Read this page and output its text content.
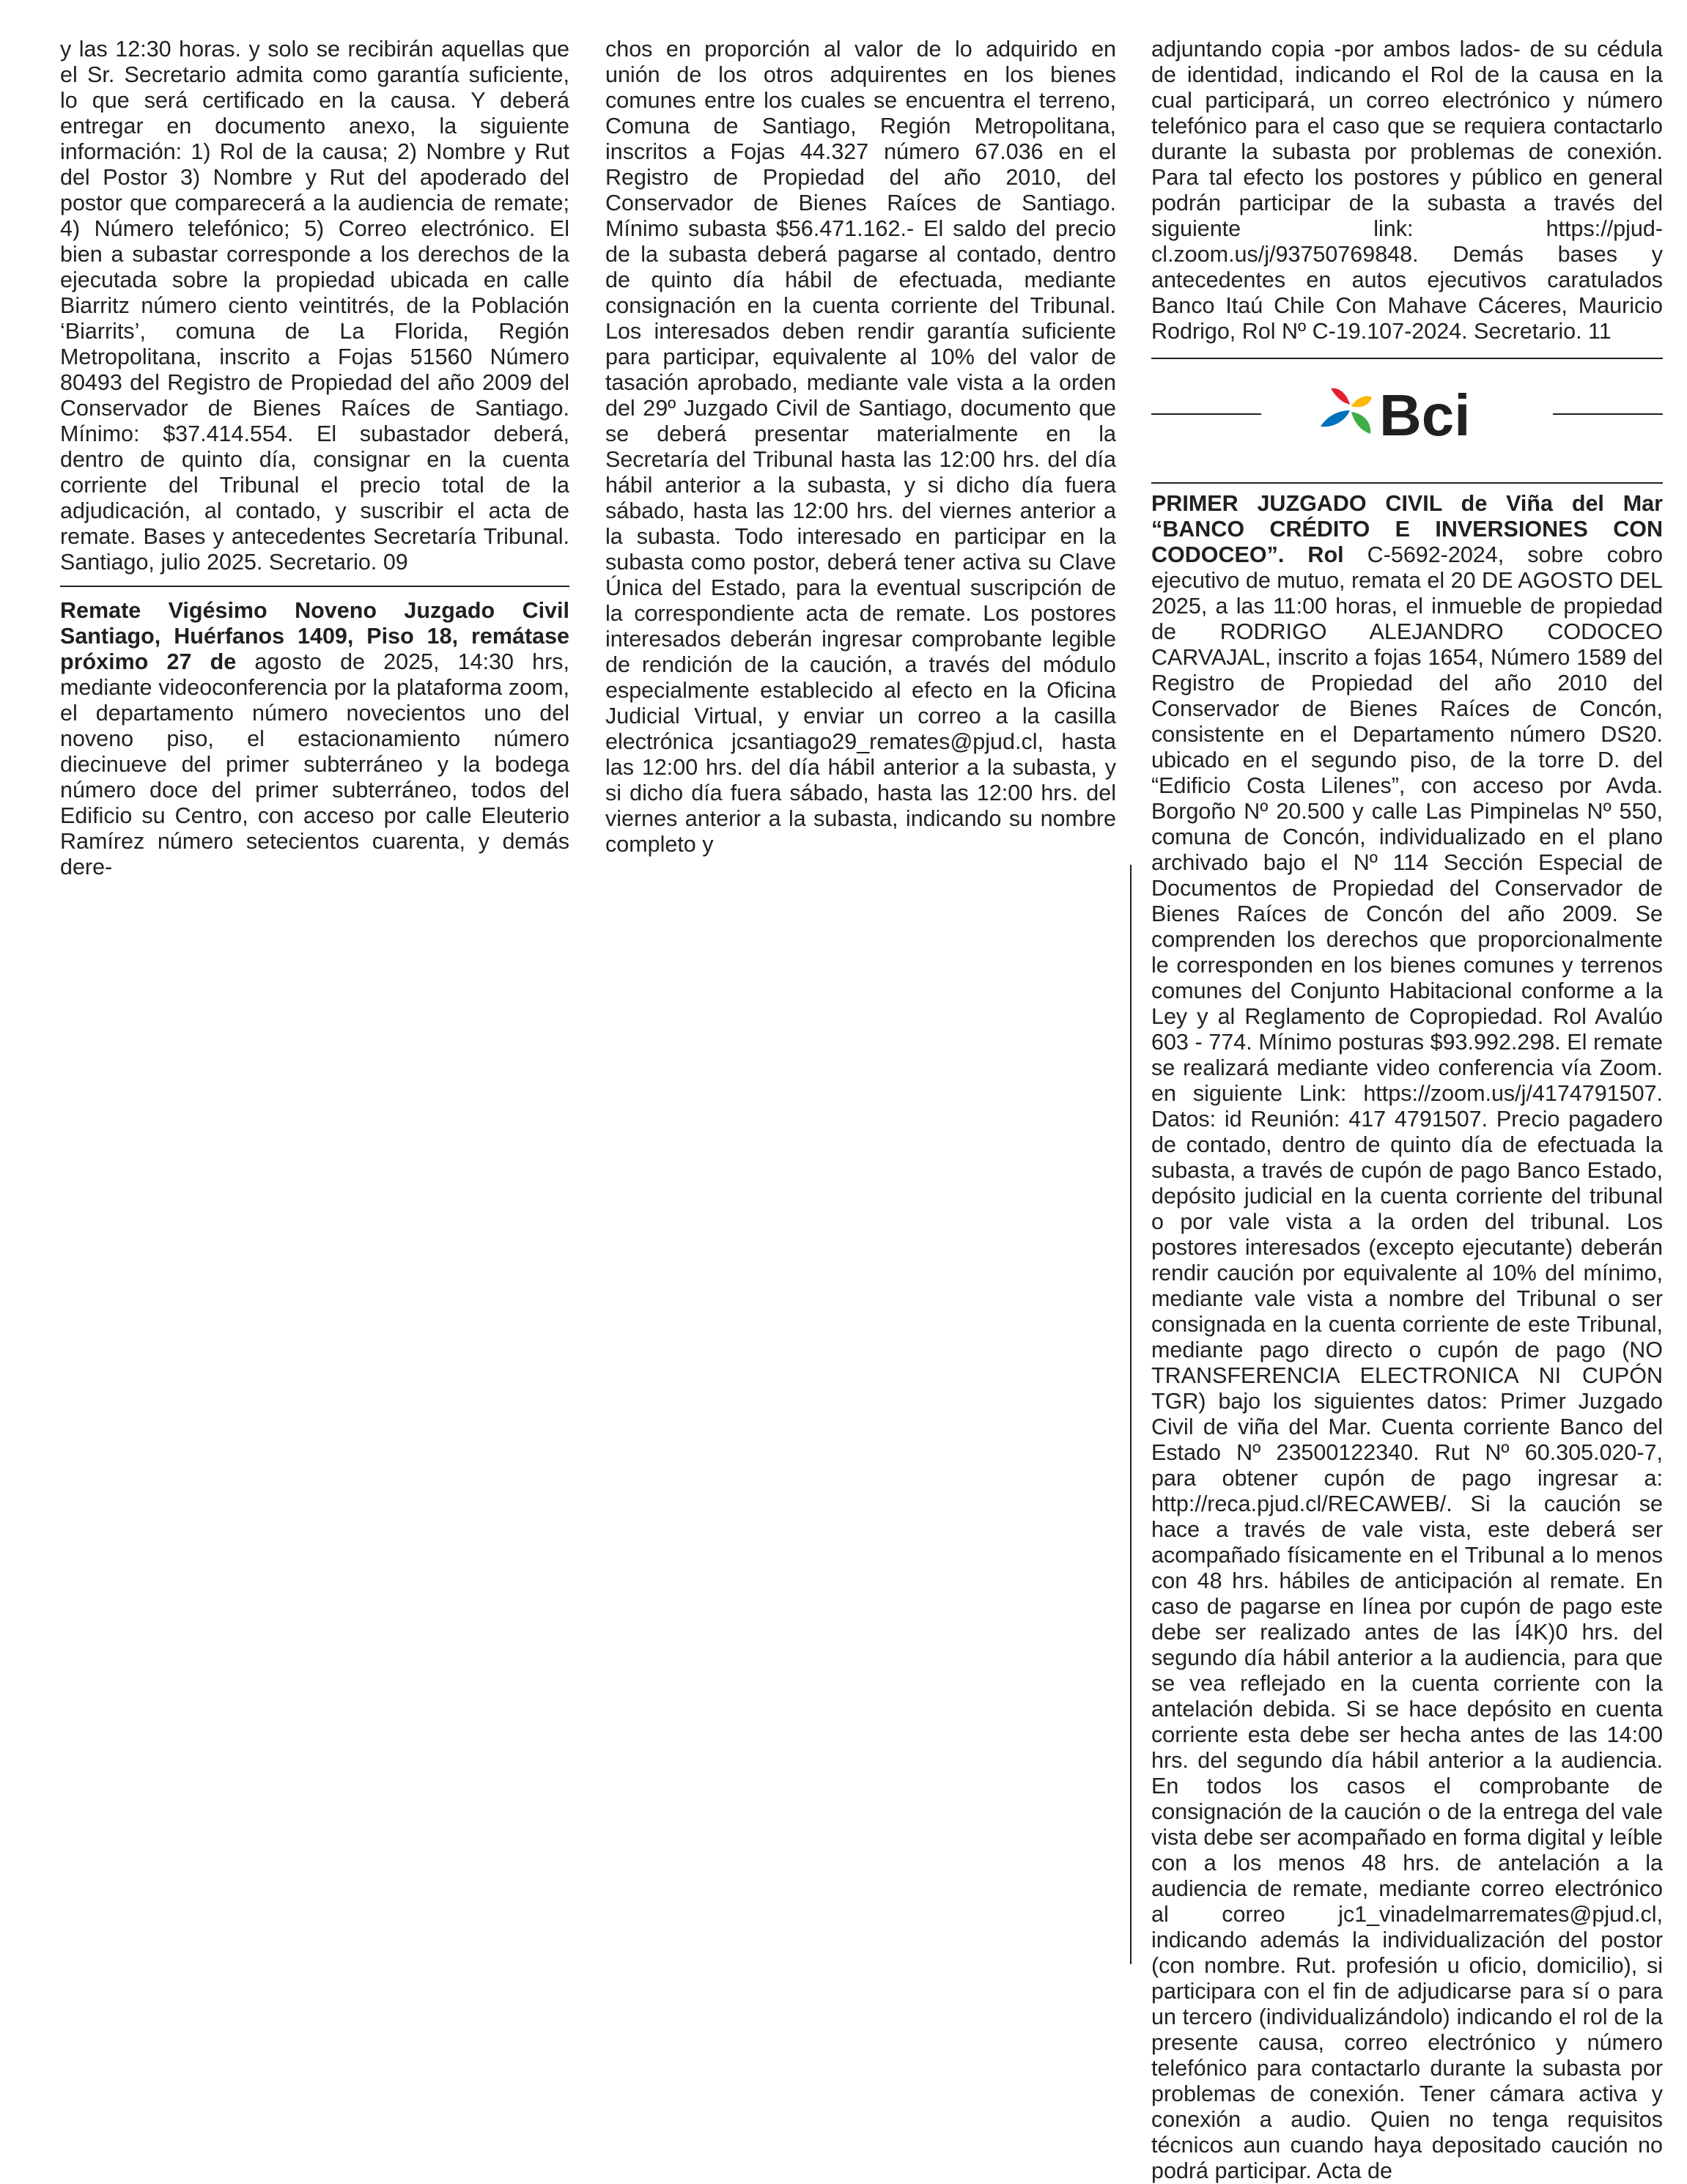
y las 12:30 horas. y solo se recibirán aquellas que el Sr. Secretario admita como garantía suficiente, lo que será certificado en la causa. Y deberá entregar en documento anexo, la siguiente información: 1) Rol de la causa; 2) Nombre y Rut del Postor 3) Nombre y Rut del apoderado del postor que comparecerá a la audiencia de remate; 4) Número telefónico; 5) Correo electrónico. El bien a subastar corresponde a los derechos de la ejecutada sobre la propiedad ubicada en calle Biarritz número ciento veintitrés, de la Población ‘Biarrits’, comuna de La Florida, Región Metropolitana, inscrito a Fojas 51560 Número 80493 del Registro de Propiedad del año 2009 del Conservador de Bienes Raíces de Santiago. Mínimo: $37.414.554. El subastador deberá, dentro de quinto día, consignar en la cuenta corriente del Tribunal el precio total de la adjudicación, al contado, y suscribir el acta de remate. Bases y antecedentes Secretaría Tribunal. Santiago, julio 2025. Secretario. 09

Remate Vigésimo Noveno Juzgado Civil Santiago, Huérfanos 1409, Piso 18, remátase próximo 27 de agosto de 2025, 14:30 hrs, mediante videoconferencia por la plataforma zoom, el departamento número novecientos uno del noveno piso, el estacionamiento número diecinueve del primer subterráneo y la bodega número doce del primer subterráneo, todos del Edificio su Centro, con acceso por calle Eleuterio Ramírez número setecientos cuarenta, y demás dere-

chos en proporción al valor de lo adquirido en unión de los otros adquirentes en los bienes comunes entre los cuales se encuentra el terreno, Comuna de Santiago, Región Metropolitana, inscritos a Fojas 44.327 número 67.036 en el Registro de Propiedad del año 2010, del Conservador de Bienes Raíces de Santiago. Mínimo subasta $56.471.162.- El saldo del precio de la subasta deberá pagarse al contado, dentro de quinto día hábil de efectuada, mediante consignación en la cuenta corriente del Tribunal. Los interesados deben rendir garantía suficiente para participar, equivalente al 10% del valor de tasación aprobado, mediante vale vista a la orden del 29º Juzgado Civil de Santiago, documento que se deberá presentar materialmente en la Secretaría del Tribunal hasta las 12:00 hrs. del día hábil anterior a la subasta, y si dicho día fuera sábado, hasta las 12:00 hrs. del viernes anterior a la subasta. Todo interesado en participar en la subasta como postor, deberá tener activa su Clave Única del Estado, para la eventual suscripción de la correspondiente acta de remate. Los postores interesados deberán ingresar comprobante legible de rendición de la caución, a través del módulo especialmente establecido al efecto en la Oficina Judicial Virtual, y enviar un correo a la casilla electrónica jcsantiago29_remates@pjud.cl, hasta las 12:00 hrs. del día hábil anterior a la subasta, y si dicho día fuera sábado, hasta las 12:00 hrs. del viernes anterior a la subasta, indicando su nombre completo y

adjuntando copia -por ambos lados- de su cédula de identidad, indicando el Rol de la causa en la cual participará, un correo electrónico y número telefónico para el caso que se requiera contactarlo durante la subasta por problemas de conexión. Para tal efecto los postores y público en general podrán participar de la subasta a través del siguiente link: https://pjud-cl.zoom.us/j/93750769848. Demás bases y antecedentes en autos ejecutivos caratulados Banco Itaú Chile Con Mahave Cáceres, Mauricio Rodrigo, Rol Nº C-19.107-2024. Secretario. 11

Bci

PRIMER JUZGADO CIVIL de Viña del Mar “BANCO CRÉDITO E INVERSIONES CON CODOCEO”. Rol C-5692-2024, sobre cobro ejecutivo de mutuo, remata el 20 DE AGOSTO DEL 2025, a las 11:00 horas, el inmueble de propiedad de RODRIGO ALEJANDRO CODOCEO CARVAJAL, inscrito a fojas 1654, Número 1589 del Registro de Propiedad del año 2010 del Conservador de Bienes Raíces de Concón, consistente en el Departamento número DS20. ubicado en el segundo piso, de la torre D. del “Edificio Costa Lilenes”, con acceso por Avda. Borgoño Nº 20.500 y calle Las Pimpinelas Nº 550, comuna de Concón, individualizado en el plano archivado bajo el Nº 114 Sección Especial de Documentos de Propiedad del Conservador de Bienes Raíces de Concón del año 2009. Se comprenden los derechos que proporcionalmente le corresponden en los bienes comunes y terrenos comunes del Conjunto Habitacional conforme a la Ley y al Reglamento de Copropiedad. Rol Avalúo 603 - 774. Mínimo posturas $93.992.298. El remate se realizará mediante video conferencia vía Zoom. en siguiente Link: https://zoom.us/j/4174791507. Datos: id Reunión: 417 4791507. Precio pagadero de contado, dentro de quinto día de efectuada la subasta, a través de cupón de pago Banco Estado, depósito judicial en la cuenta corriente del tribunal o por vale vista a la orden del tribunal. Los postores interesados (excepto ejecutante) deberán rendir caución por equivalente al 10% del mínimo, mediante vale vista a nombre del Tribunal o ser consignada en la cuenta corriente de este Tribunal, mediante pago directo o cupón de pago (NO TRANSFERENCIA ELECTRONICA NI CUPÓN TGR) bajo los siguientes datos: Primer Juzgado Civil de viña del Mar. Cuenta corriente Banco del Estado Nº 23500122340. Rut Nº 60.305.020-7, para obtener cupón de pago ingresar a: http://reca.pjud.cl/RECAWEB/. Si la caución se hace a través de vale vista, este deberá ser acompañado físicamente en el Tribunal a lo menos con 48 hrs. hábiles de anticipación al remate. En caso de pagarse en línea por cupón de pago este debe ser realizado antes de las Í4K)0 hrs. del segundo día hábil anterior a la audiencia, para que se vea reflejado en la cuenta corriente con la antelación debida. Si se hace depósito en cuenta corriente esta debe ser hecha antes de las 14:00 hrs. del segundo día hábil anterior a la audiencia. En todos los casos el comprobante de consignación de la caución o de la entrega del vale vista debe ser acompañado en forma digital y leíble con a los menos 48 hrs. de antelación a la audiencia de remate, mediante correo electrónico al correo jc1_vinadelmarremates@pjud.cl, indicando además la individualización del postor (con nombre. Rut. profesión u oficio, domicilio), si participara con el fin de adjudicarse para sí o para un tercero (individualizándolo) indicando el rol de la presente causa, correo electrónico y número telefónico para contactarlo durante la subasta por problemas de conexión. Tener cámara activa y conexión a audio. Quien no tenga requisitos técnicos aun cuando haya depositado caución no podrá participar. Acta de
